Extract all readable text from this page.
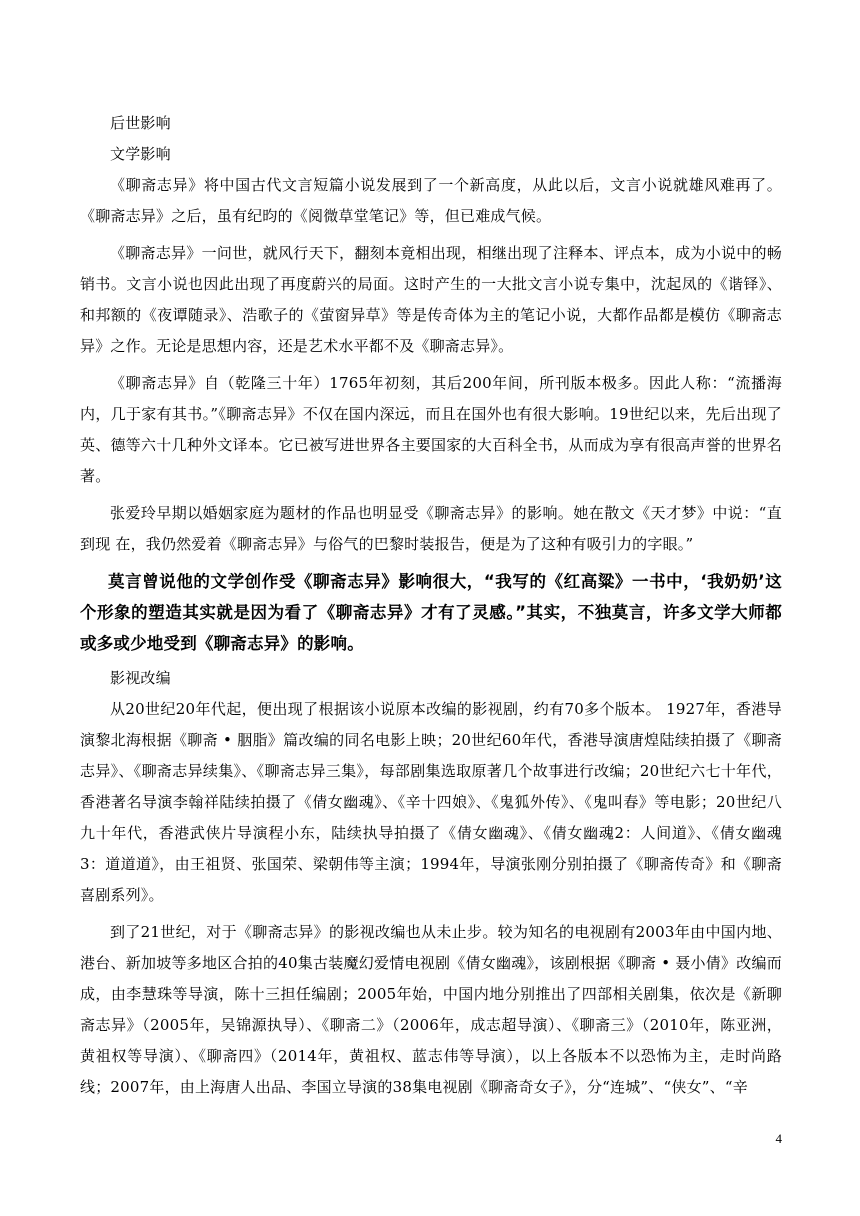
后世影响

文学影响

《聊斋志异》将中国古代文言短篇小说发展到了一个新高度，从此以后，文言小说就雄风难再了。《聊斋志异》之后，虽有纪昀的《阅微草堂笔记》等，但已难成气候。

《聊斋志异》一问世，就风行天下，翻刻本竟相出现，相继出现了注释本、评点本，成为小说中的畅销书。文言小说也因此出现了再度蔚兴的局面。这时产生的一大批文言小说专集中，沈起凤的《谐铎》、和邦额的《夜谭随录》、浩歌子的《萤窗异草》等是传奇体为主的笔记小说，大都作品都是模仿《聊斋志异》之作。无论是思想内容，还是艺术水平都不及《聊斋志异》。

《聊斋志异》自（乾隆三十年）1765年初刻，其后200年间，所刊版本极多。因此人称：“流播海内，几于家有其书。”《聊斋志异》不仅在国内深远，而且在国外也有很大影响。19世纪以来，先后出现了英、德等六十几种外文译本。它已被写进世界各主要国家的大百科全书，从而成为享有很高声誉的世界名著。

张爱玲早期以婚姻家庭为题材的作品也明显受《聊斋志异》的影响。她在散文《天才梦》中说：“直到现 在，我仍然爱着《聊斋志异》与俗气的巴黎时装报告，便是为了这种有吸引力的字眼。”

莫言曾说他的文学创作受《聊斋志异》影响很大，“我写的《红高粱》一书中，‘我奶奶’这个形象的塑造其实就是因为看了《聊斋志异》才有了灵感。”其实，不独莫言，许多文学大师都或多或少地受到《聊斋志异》的影响。

影视改编

从20世纪20年代起，便出现了根据该小说原本改编的影视剧，约有70多个版本。 1927年，香港导演黎北海根据《聊斋 • 胭脂》篇改编的同名电影上映；20世纪60年代，香港导演唐煌陆续拍摄了《聊斋志异》、《聊斋志异续集》、《聊斋志异三集》，每部剧集选取原著几个故事进行改编；20世纪六七十年代，香港著名导演李翰祥陆续拍摄了《倩女幽魂》、《辛十四娘》、《鬼狐外传》、《鬼叫春》等电影；20世纪八九十年代，香港武侠片导演程小东，陆续执导拍摄了《倩女幽魂》、《倩女幽魂2：人间道》、《倩女幽魂3：道道道》，由王祖贤、张国荣、梁朝伟等主演；1994年，导演张刚分别拍摄了《聊斋传奇》和《聊斋喜剧系列》。

到了21世纪，对于《聊斋志异》的影视改编也从未止步。较为知名的电视剧有2003年由中国内地、港台、新加坡等多地区合拍的40集古装魔幻爱情电视剧《倩女幽魂》，该剧根据《聊斋 • 聂小倩》改编而成，由李慧珠等导演，陈十三担任编剧；2005年始，中国内地分别推出了四部相关剧集，依次是《新聊斋志异》（2005年，吴锦源执导）、《聊斋二》（2006年，成志超导演）、《聊斋三》（2010年，陈亚洲，黄祖权等导演）、《聊斋四》（2014年，黄祖权、蓝志伟等导演），以上各版本不以恐怖为主，走时尚路线；2007年，由上海唐人出品、李国立导演的38集电视剧《聊斋奇女子》，分“连城”、“侠女”、“辛

4
